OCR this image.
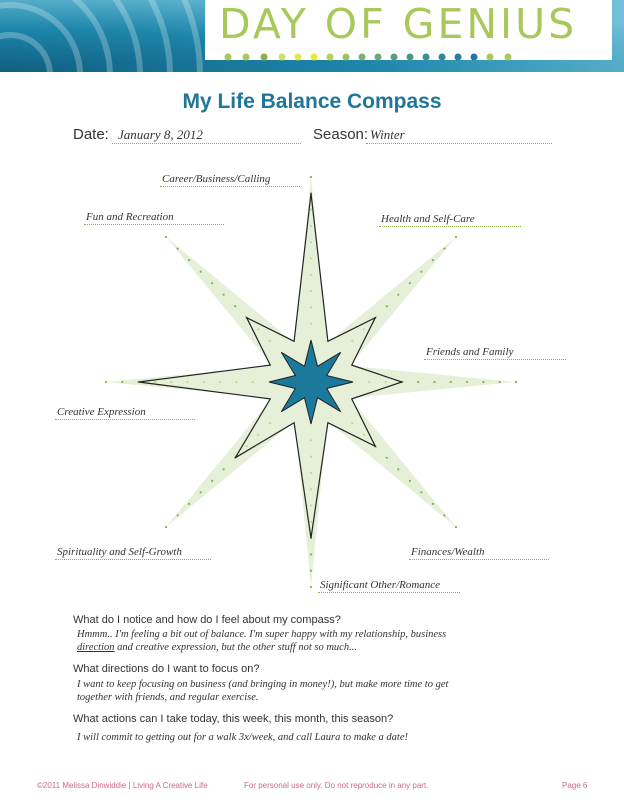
DAY OF GENIUS
My Life Balance Compass
Date: January 8, 2012	Season: Winter
Career/Business/Calling
Fun and Recreation	Health and Self-Care
Friends and Family
Creative Expression
Spirituality and Self-Growth	Finances/Wealth
Significant Other/Romance
What do I notice and how do I feel about my compass?
Hmmm.. I'm feeling a bit out of balance. I'm super happy with my relationship, business
direction and creative expression, but the other stuff not so much...
What directions do I want to focus on?
I want to keep focusing on business (and bringing in money!), but make more time to get
together with friends, and regular exercise.
What actions can I take today, this week, this month, this season?
I will commit to getting out for a walk 3x/week, and call Laura to make a date!
©2011 Melissa Dinwiddie | Living A Creative Life	For personal use only. Do not reproduce in any part.	Page 6
